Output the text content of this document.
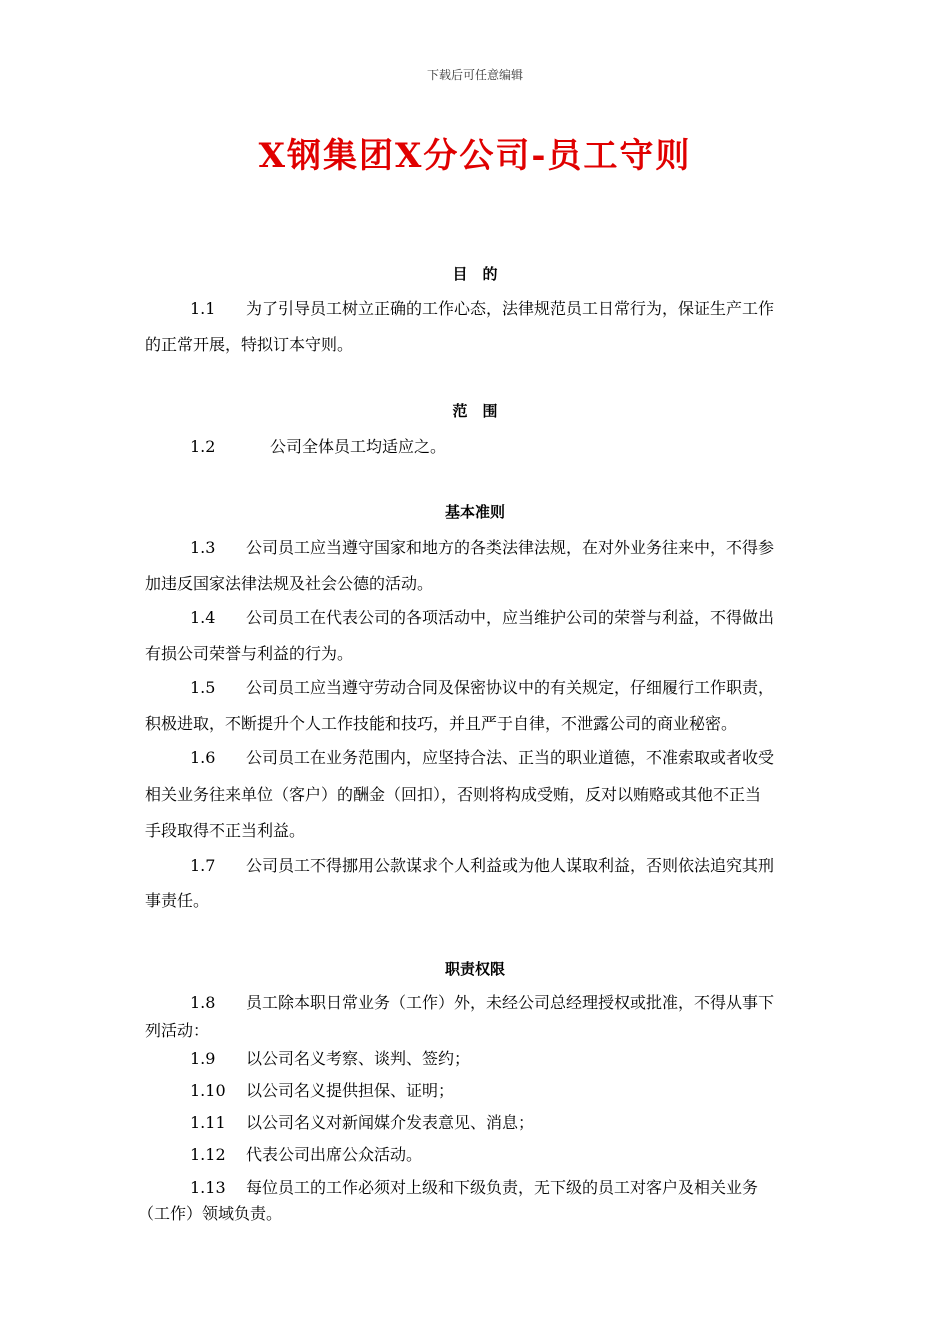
下载后可任意编辑
X钢集团X分公司-员工守则
目　的
1.1 为了引导员工树立正确的工作心态，法律规范员工日常行为，保证生产工作
的正常开展，特拟订本守则。
范　围
1.2	公司全体员工均适应之。
基本准则
1.3 公司员工应当遵守国家和地方的各类法律法规，在对外业务往来中，不得参
加违反国家法律法规及社会公德的活动。
1.4 公司员工在代表公司的各项活动中，应当维护公司的荣誉与利益，不得做出
有损公司荣誉与利益的行为。
1.5 公司员工应当遵守劳动合同及保密协议中的有关规定，仔细履行工作职责，
积极进取，不断提升个人工作技能和技巧，并且严于自律，不泄露公司的商业秘密。
1.6 公司员工在业务范围内，应坚持合法、正当的职业道德，不准索取或者收受
相关业务往来单位（客户）的酬金（回扣），否则将构成受贿，反对以贿赂或其他不正当
手段取得不正当利益。
1.7 公司员工不得挪用公款谋求个人利益或为他人谋取利益，否则依法追究其刑
事责任。
职责权限
1.8 员工除本职日常业务（工作）外，未经公司总经理授权或批准，不得从事下
列活动：
1.9 以公司名义考察、谈判、签约；
1.10 以公司名义提供担保、证明；
1.11 以公司名义对新闻媒介发表意见、消息；
1.12 代表公司出席公众活动。
1.13 每位员工的工作必须对上级和下级负责，无下级的员工对客户及相关业务
（工作）领域负责。
